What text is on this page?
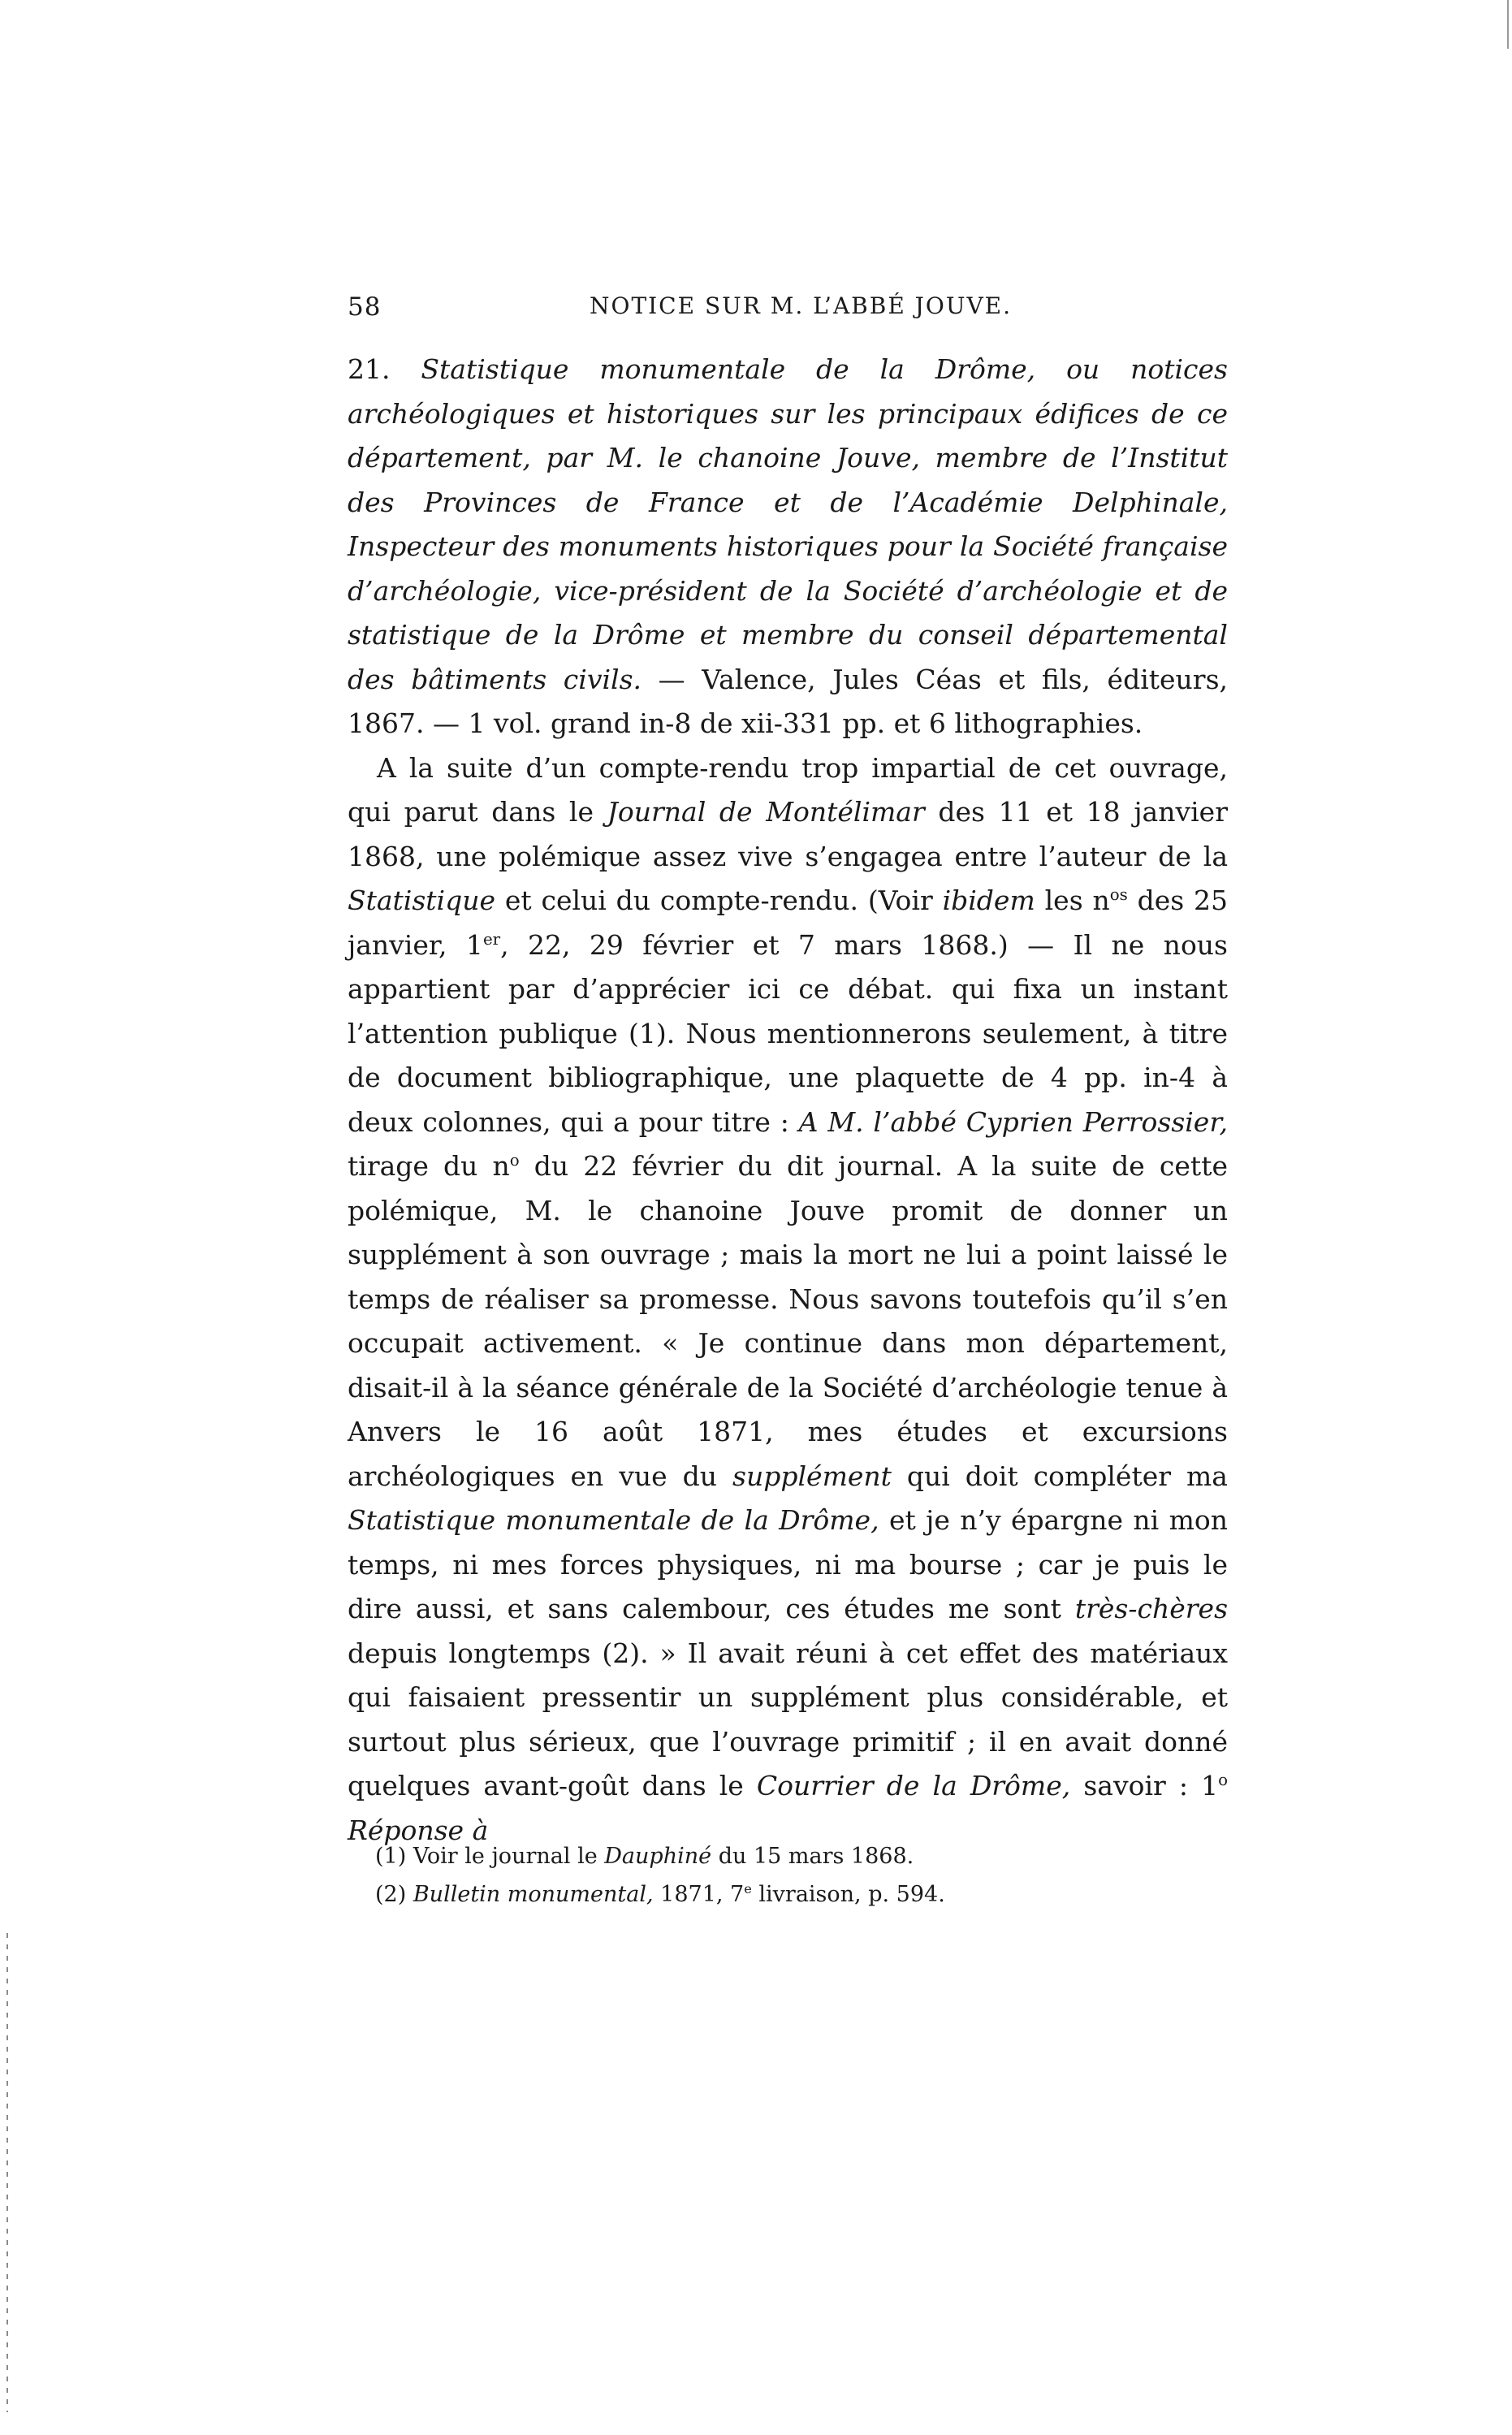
58	NOTICE SUR M. L’ABBÉ JOUVE.

21. Statistique monumentale de la Drôme, ou notices archéologiques et historiques sur les principaux édifices de ce département, par M. le chanoine Jouve, membre de l’Institut des Provinces de France et de l’Académie Delphinale, Inspecteur des monuments historiques pour la Société française d’archéologie, vice-président de la Société d’archéologie et de statistique de la Drôme et membre du conseil départemental des bâtiments civils. — Valence, Jules Céas et fils, éditeurs, 1867. — 1 vol. grand in-8 de xii-331 pp. et 6 lithographies.

A la suite d’un compte-rendu trop impartial de cet ouvrage, qui parut dans le Journal de Montélimar des 11 et 18 janvier 1868, une polémique assez vive s’engagea entre l’auteur de la Statistique et celui du compte-rendu. (Voir ibidem les $n^{os}$ des 25 janvier, 1er, 22, 29 février et 7 mars 1868.) — Il ne nous appartient par d’apprécier ici ce débat. qui fixa un instant l’attention publique (1). Nous mentionnerons seulement, à titre de document bibliographique, une plaquette de 4 pp. in-4 à deux colonnes, qui a pour titre : A M. l’abbé Cyprien Perrossier, tirage du $n^o$ du 22 février du dit journal. A la suite de cette polémique, M. le chanoine Jouve promit de donner un supplément à son ouvrage ; mais la mort ne lui a point laissé le temps de réaliser sa promesse. Nous savons toutefois qu’il s’en occupait activement. « Je continue dans mon département, disait-il à la séance générale de la Société d’archéologie tenue à Anvers le 16 août 1871, mes études et excursions archéologiques en vue du supplément qui doit compléter ma Statistique monumentale de la Drôme, et je n’y épargne ni mon temps, ni mes forces physiques, ni ma bourse ; car je puis le dire aussi, et sans calembour, ces études me sont très-chères depuis longtemps (2). » Il avait réuni à cet effet des matériaux qui faisaient pressentir un supplément plus considérable, et surtout plus sérieux, que l’ouvrage primitif ; il en avait donné quelques avant-goût dans le Courrier de la Drôme, savoir : 1$^o$ Réponse à

(1) Voir le journal le Dauphiné du 15 mars 1868.
(2) Bulletin monumental, 1871, 7e livraison, p. 594.
